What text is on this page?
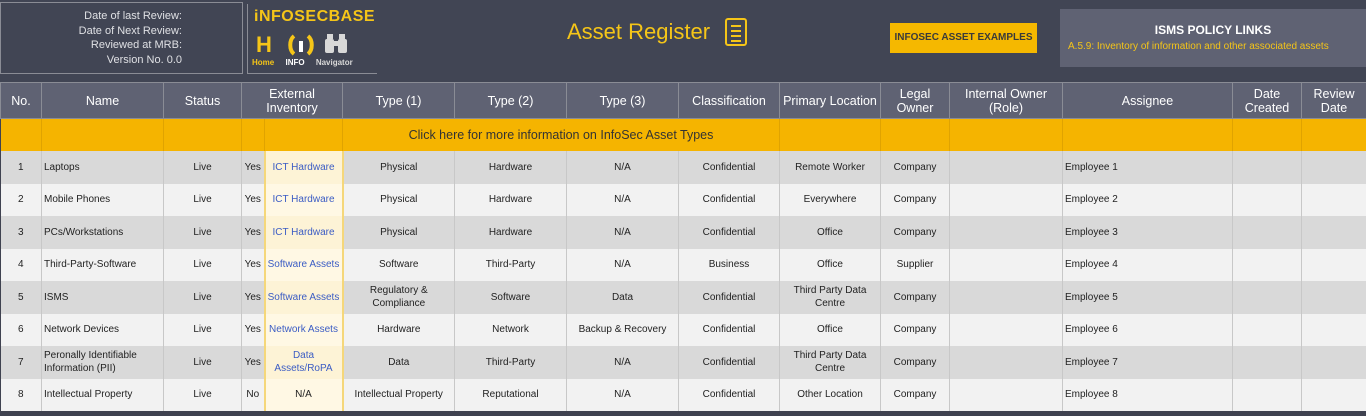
Date of last Review:
Date of Next Review:
Reviewed at MRB:
Version No. 0.0
iNFOSECBASE
H
Home INFO Navigator
Asset Register	INFOSEC ASSET EXAMPLES
ISMS POLICY LINKS
A.5.9: Inventory of information and other associated assets
No.	Name	Status	External Inventory		Type (1)	Type (2)	Type (3)	Classification	Primary Location	Legal Owner	Internal Owner (Role)	Assignee	Date Created	Review Date
					Click here for more information on InfoSec Asset Types									
1	Laptops	Live	Yes	ICT Hardware	Physical	Hardware	N/A	Confidential	Remote Worker	Company		Employee 1		
2	Mobile Phones	Live	Yes	ICT Hardware	Physical	Hardware	N/A	Confidential	Everywhere	Company		Employee 2		
3	PCs/Workstations	Live	Yes	ICT Hardware	Physical	Hardware	N/A	Confidential	Office	Company		Employee 3		
4	Third-Party-Software	Live	Yes	Software Assets	Software	Third-Party	N/A	Business	Office	Supplier		Employee 4		
5	ISMS	Live	Yes	Software Assets	Regulatory & Compliance	Software	Data	Confidential	Third Party Data Centre	Company		Employee 5		
6	Network Devices	Live	Yes	Network Assets	Hardware	Network	Backup & Recovery	Confidential	Office	Company		Employee 6		
7	Peronally Identifiable Information (PII)	Live	Yes	Data Assets/RoPA	Data	Third-Party	N/A	Confidential	Third Party Data Centre	Company		Employee 7		
8	Intellectual Property	Live	No	N/A	Intellectual Property	Reputational	N/A	Confidential	Other Location	Company		Employee 8		
